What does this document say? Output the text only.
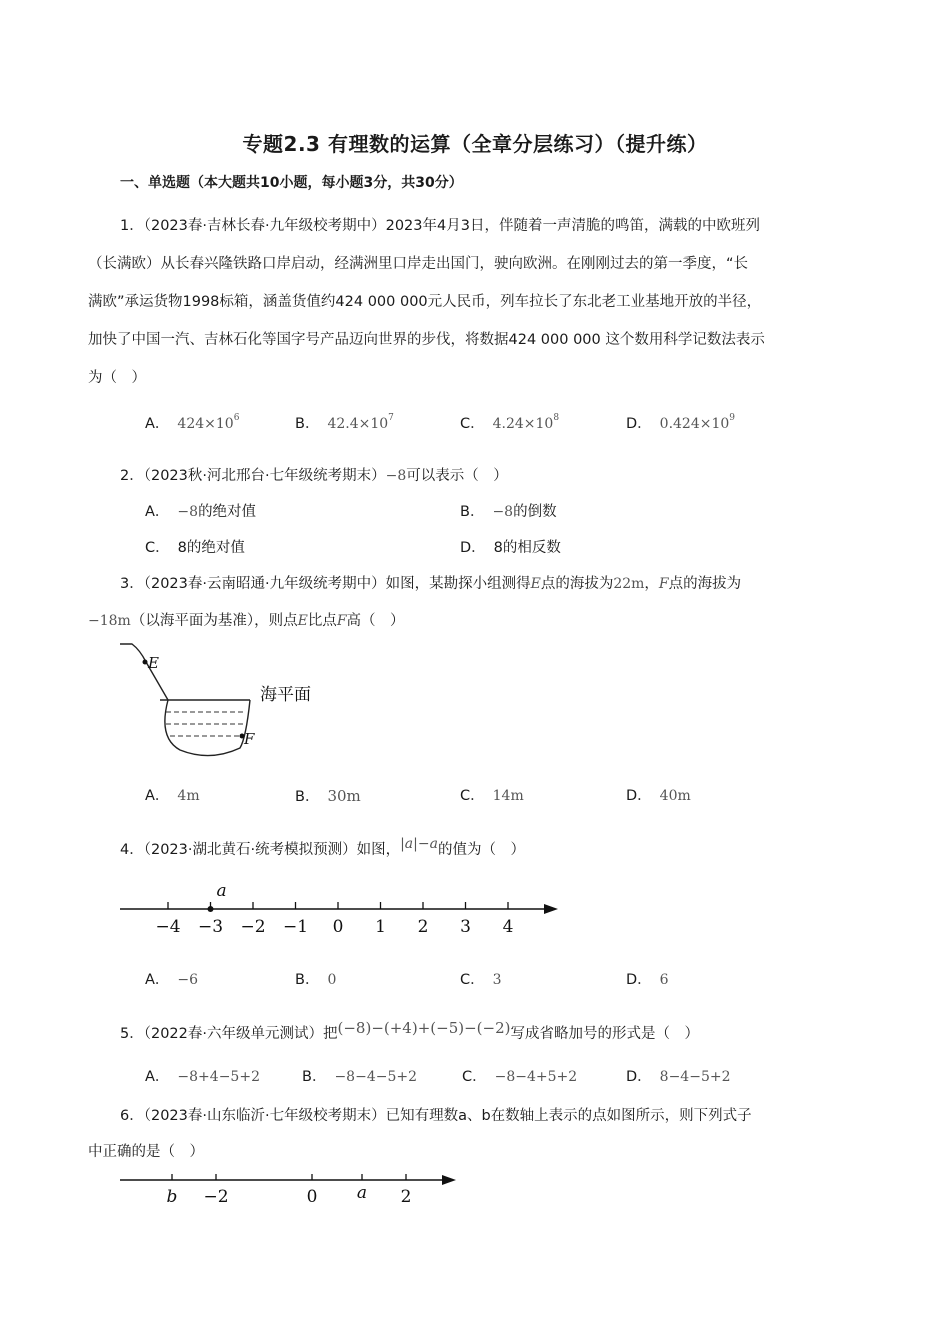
专题2.3 有理数的运算（全章分层练习）（提升练）
一、单选题（本大题共10小题，每小题3分，共30分）
1．（2023春·吉林长春·九年级校考期中）2023年4月3日，伴随着一声清脆的鸣笛，满载的中欧班列
（长满欧）从长春兴隆铁路口岸启动，经满洲里口岸走出国门，驶向欧洲。在刚刚过去的第一季度，“长
满欧”承运货物1998标箱，涵盖货值约424 000 000元人民币，列车拉长了东北老工业基地开放的半径，
加快了中国一汽、吉林石化等国字号产品迈向世界的步伐，将数据424 000 000 这个数用科学记数法表示
为（　）
A． $424\times 10^6$	B． $42.4\times 10^7$	C． $4.24\times 10^8$	D． $0.424\times 10^9$
2．（2023秋·河北邢台·七年级统考期末）−8可以表示（　）
A． −8的绝对值	B． −8的倒数
C． 8的绝对值	D． 8的相反数
3．（2023春·云南昭通·九年级统考期中）如图，某勘探小组测得E点的海拔为22m，F点的海拔为
−18m（以海平面为基准），则点E比点F高（　）
E
F
海平面
A． 4m	B． 30m	C． 14m	D． 40m
4．（2023·湖北黄石·统考模拟预测）如图，|a|−a的值为（　）
−4 −3 −2 −1 0 1 2 3 4
a
A． −6	B． 0	C． 3	D． 6
5．（2022春·六年级单元测试）把(−8)−(+4)+(−5)−(−2)写成省略加号的形式是（　）
A． −8+4−5+2	B． −8−4−5+2	C． −8−4+5+2	D． 8−4−5+2
6．（2023春·山东临沂·七年级校考期末）已知有理数a、b在数轴上表示的点如图所示，则下列式子
中正确的是（　）
b −2	0 a 2
